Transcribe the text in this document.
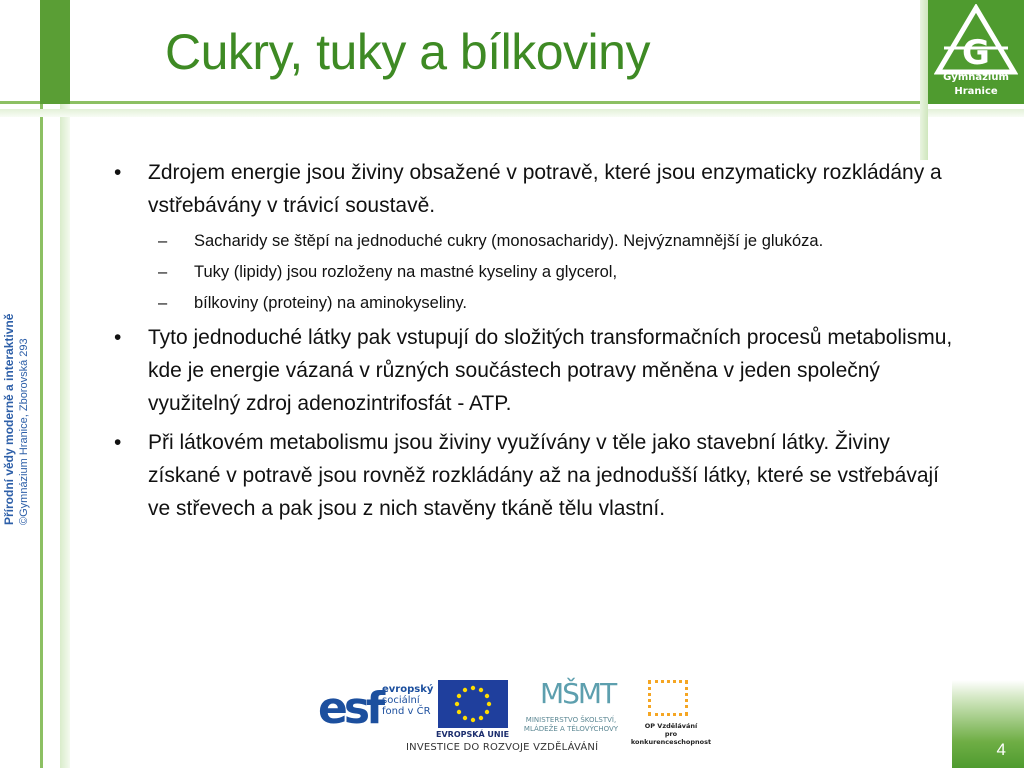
G
Gymnázium
Hranice
Cukry, tuky a bílkoviny
Přírodní vědy moderně a interaktivně ©Gymnázium Hranice, Zborovská 293

• Zdrojem energie jsou živiny obsažené v potravě, které jsou enzymaticky rozkládány a vstřebávány v trávicí soustavě.

– Sacharidy se štěpí na jednoduché cukry (monosacharidy). Nejvýznamnější je glukóza.

– Tuky (lipidy) jsou rozloženy na mastné kyseliny a glycerol,

– bílkoviny (proteiny) na aminokyseliny.

• Tyto jednoduché látky pak vstupují do složitých transformačních procesů metabolismu, kde je energie vázaná v různých součástech potravy měněna v jeden společný využitelný zdroj adenozintrifosfát - ATP.

• Při látkovém metabolismu jsou živiny využívány v těle jako stavební látky. Živiny získané v potravě jsou rovněž rozkládány až na jednodušší látky, které se vstřebávají ve střevech a pak jsou z nich stavěny tkáně tělu vlastní.

esf evropský
sociální
fond v ČR
EVROPSKÁ UNIE
MŠMT
MINISTERSTVO ŠKOLSTVÍ,
MLÁDEŽE A TĚLOVÝCHOVY	OP Vzdělávání
pro konkurenceschopnost
INVESTICE DO ROZVOJE VZDĚLÁVÁNÍ	4
